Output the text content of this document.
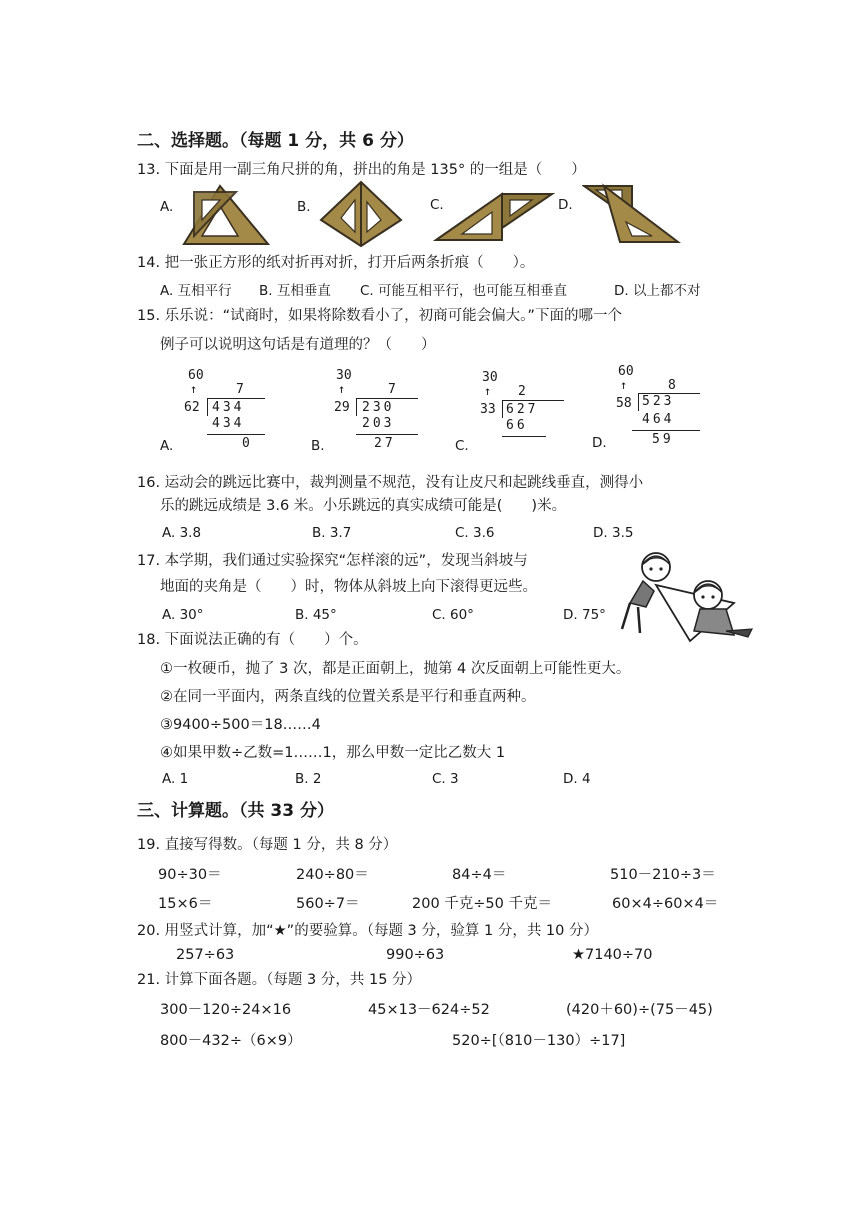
二、选择题。（每题 1 分，共 6 分）
13. 下面是用一副三角尺拼的角，拼出的角是 135° 的一组是（　　）
A.	B.	C.	D.
14. 把一张正方形的纸对折再对折，打开后两条折痕（　　）。
A. 互相平行 B. 互相垂直 C. 可能互相平行，也可能互相垂直	D. 以上都不对
15. 乐乐说：“试商时，如果将除数看小了，初商可能会偏大。”下面的哪一个
例子可以说明这句话是有道理的？（　　）
60
↑	7
62 434
434
0
A.
30
↑	7
29 230
203
27
B.
30
↑ 2
33 627
66
C.
60
↑	8
58 523
464
59
D.
16. 运动会的跳远比赛中，裁判测量不规范，没有让皮尺和起跳线垂直，测得小
乐的跳远成绩是 3.6 米。小乐跳远的真实成绩可能是(　　)米。
A. 3.8	B. 3.7	C. 3.6	D. 3.5
17. 本学期，我们通过实验探究“怎样滚的远”，发现当斜坡与
地面的夹角是（　　）时，物体从斜坡上向下滚得更远些。
A. 30°	B. 45°	C. 60°	D. 75°
18. 下面说法正确的有（　　）个。
①一枚硬币，抛了 3 次，都是正面朝上，抛第 4 次反面朝上可能性更大。
②在同一平面内，两条直线的位置关系是平行和垂直两种。
③9400÷500＝18……4
④如果甲数÷乙数=1……1，那么甲数一定比乙数大 1
A. 1	B. 2	C. 3	D. 4
三、计算题。（共 33 分）
19. 直接写得数。（每题 1 分，共 8 分）
90÷30＝	240÷80＝	84÷4＝	510－210÷3＝
15×6＝	560÷7＝	200 千克÷50 千克＝	60×4÷60×4＝
20. 用竖式计算，加“★”的要验算。（每题 3 分，验算 1 分，共 10 分）
257÷63	990÷63	★7140÷70
21. 计算下面各题。（每题 3 分，共 15 分）
300－120÷24×16	45×13－624÷52	(420＋60)÷(75－45)
800－432÷（6×9）	520÷[（810－130）÷17]
